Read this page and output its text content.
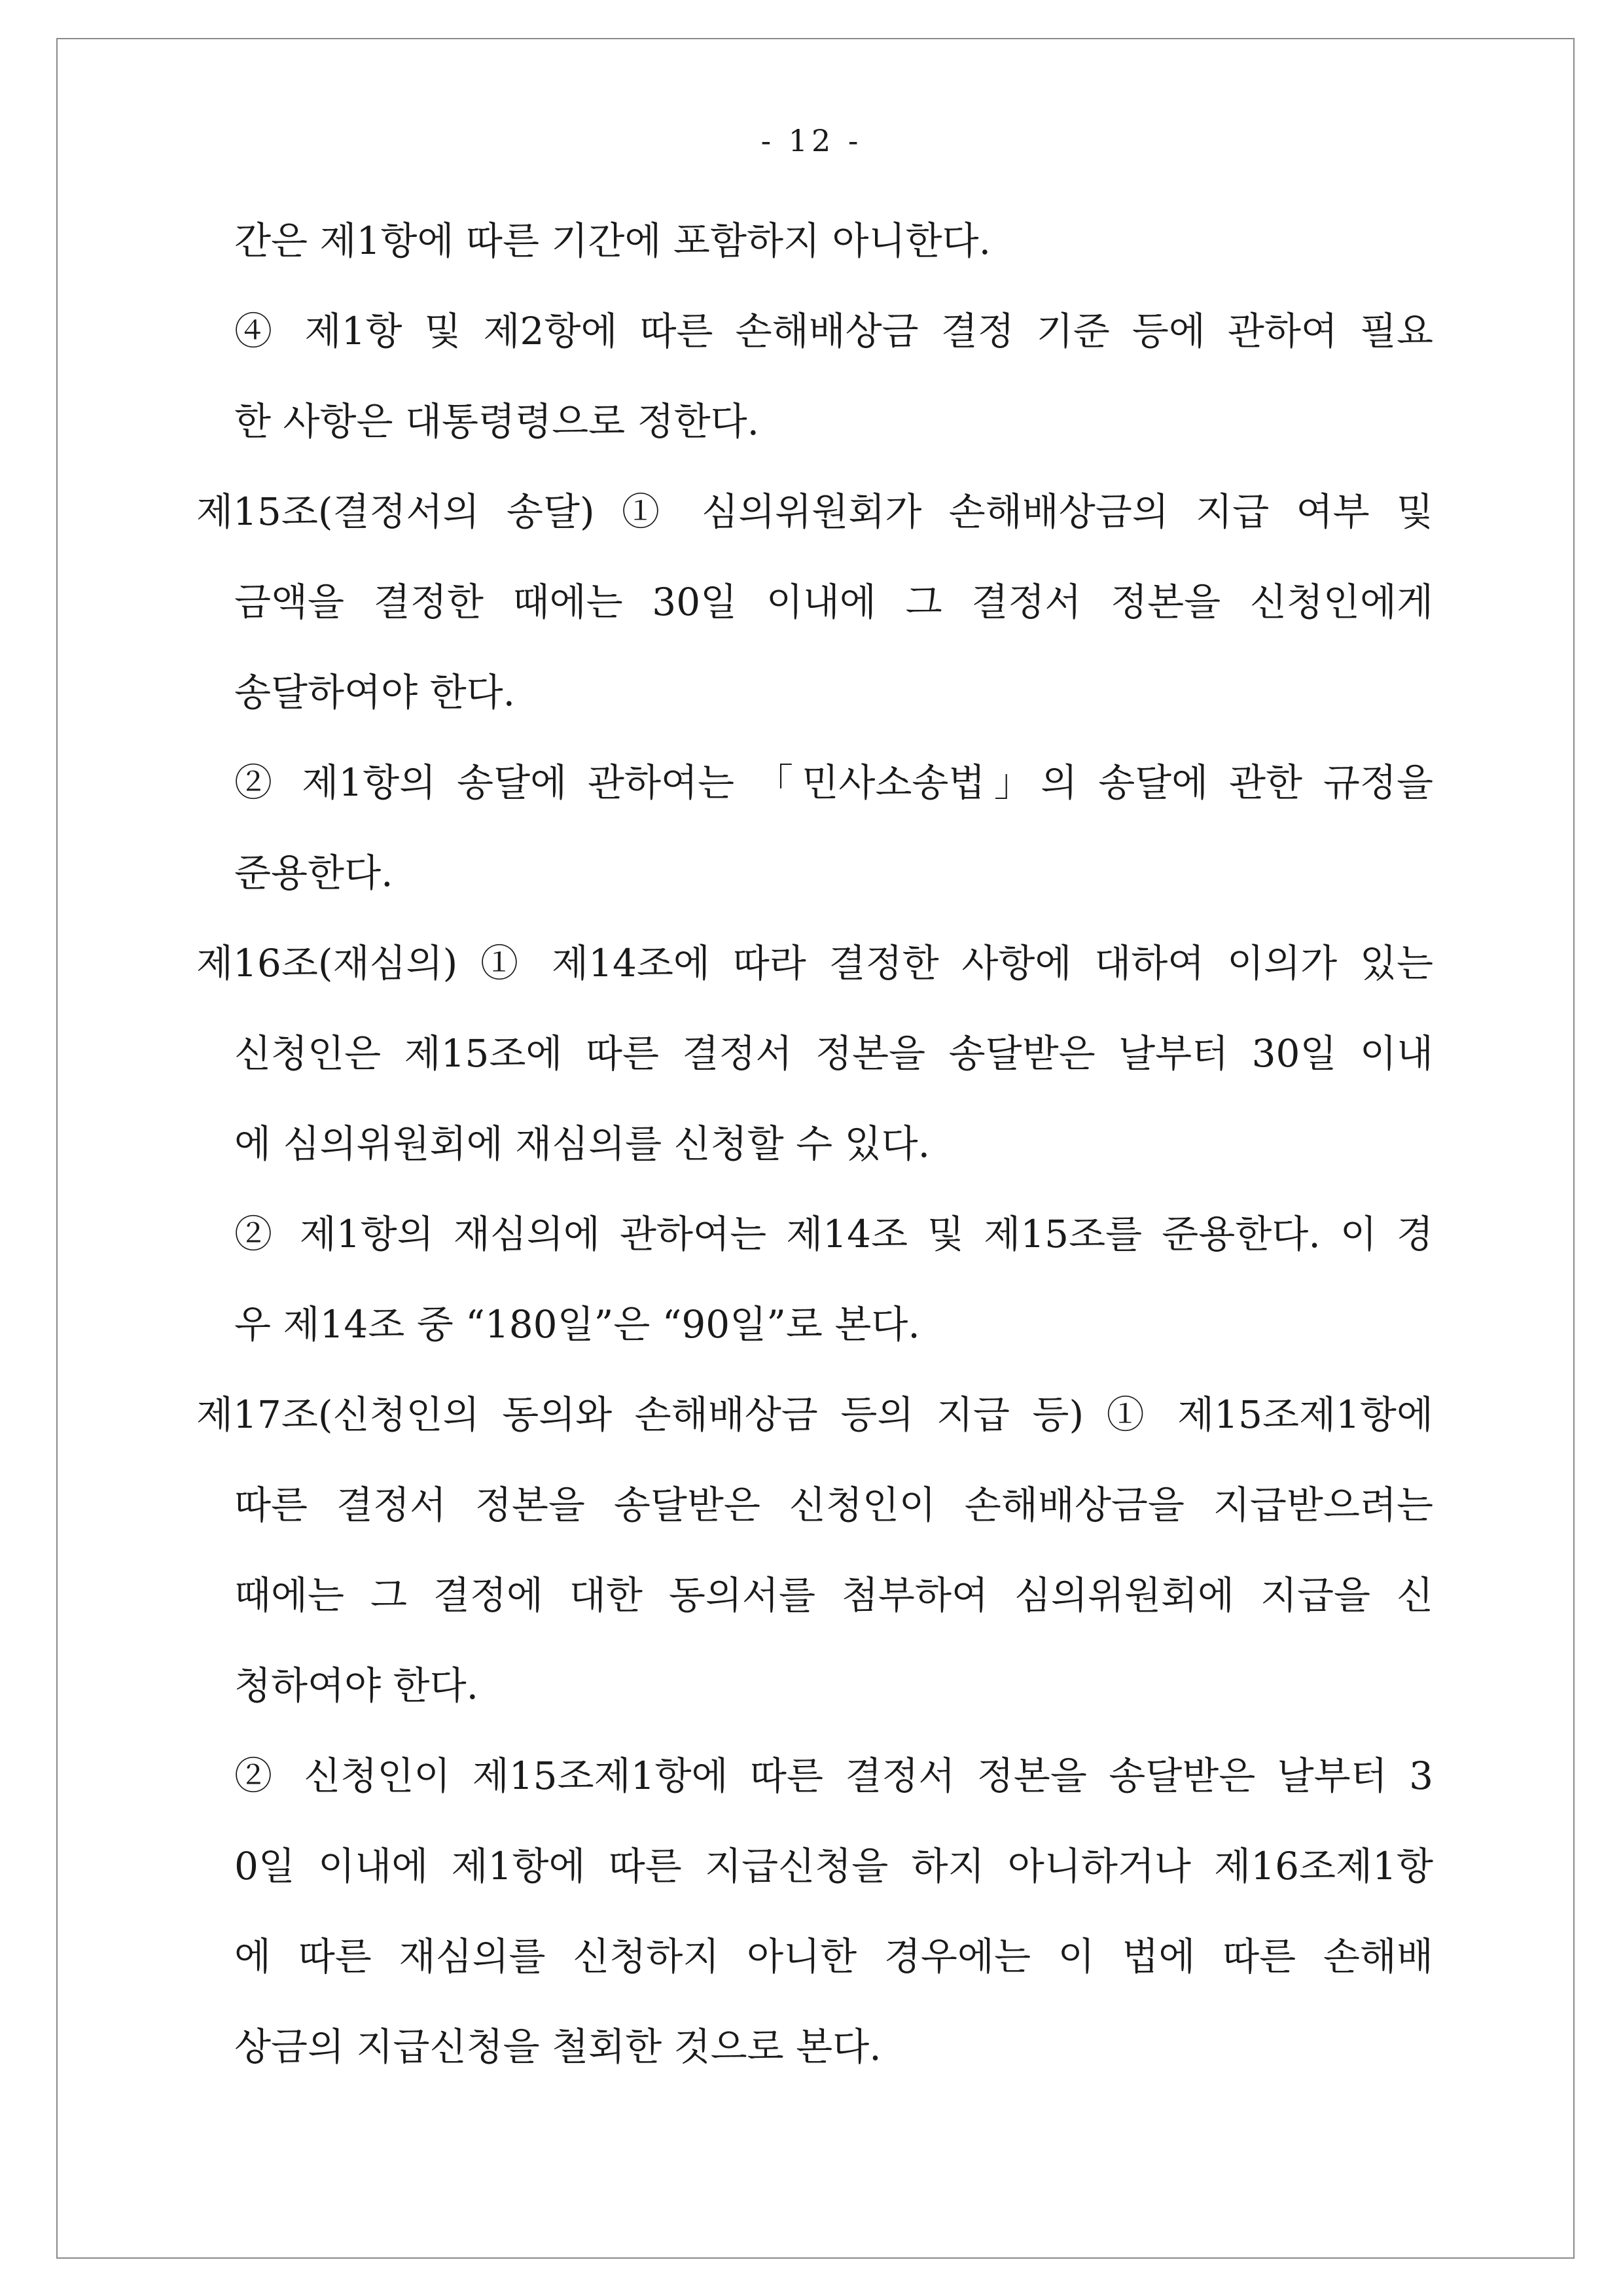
- 12 -
간은 제1항에 따른 기간에 포함하지 아니한다.
④ 제1항 및 제2항에 따른 손해배상금 결정 기준 등에 관하여 필요
한 사항은 대통령령으로 정한다.
제15조(결정서의 송달) ① 심의위원회가 손해배상금의 지급 여부 및
금액을 결정한 때에는 30일 이내에 그 결정서 정본을 신청인에게
송달하여야 한다.
② 제1항의 송달에 관하여는 「민사소송법」의 송달에 관한 규정을
준용한다.
제16조(재심의) ① 제14조에 따라 결정한 사항에 대하여 이의가 있는
신청인은 제15조에 따른 결정서 정본을 송달받은 날부터 30일 이내
에 심의위원회에 재심의를 신청할 수 있다.
② 제1항의 재심의에 관하여는 제14조 및 제15조를 준용한다. 이 경
우 제14조 중 “180일”은 “90일”로 본다.
제17조(신청인의 동의와 손해배상금 등의 지급 등) ① 제15조제1항에
따른 결정서 정본을 송달받은 신청인이 손해배상금을 지급받으려는
때에는 그 결정에 대한 동의서를 첨부하여 심의위원회에 지급을 신
청하여야 한다.
② 신청인이 제15조제1항에 따른 결정서 정본을 송달받은 날부터 3
0일 이내에 제1항에 따른 지급신청을 하지 아니하거나 제16조제1항
에 따른 재심의를 신청하지 아니한 경우에는 이 법에 따른 손해배
상금의 지급신청을 철회한 것으로 본다.
